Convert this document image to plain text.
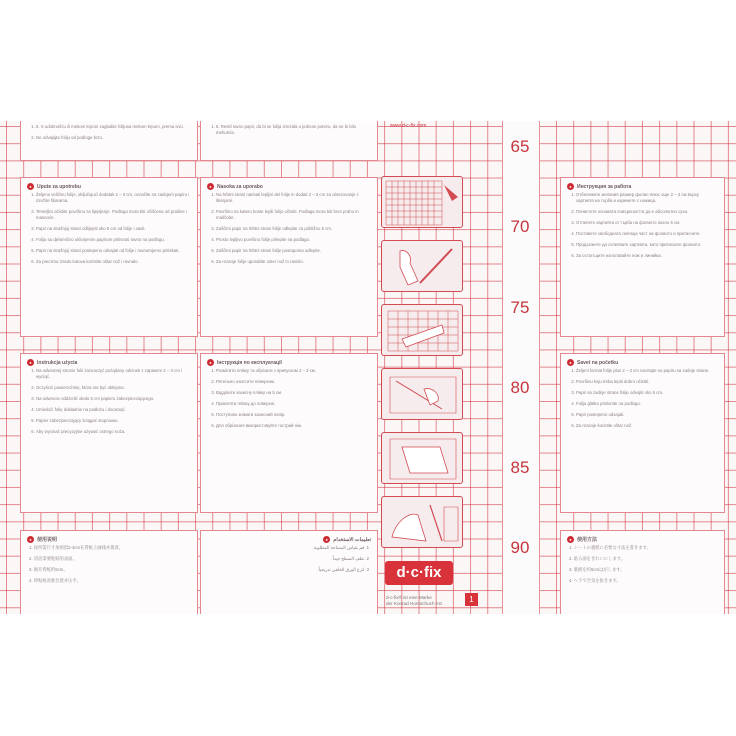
www.d-c-fix.com
1. 6. S udobnošću ili mekom krpom zagladite folijusa mekom krpom, prema ivici.
2. Ne odvajajte foliju od podloge brzo.
1. 6. Restil ravno papir, da bi se folija izrezala u jednom potezu, da ne bi bilo mehurića.
●	Upute za upotrebu
1. Željenu veličinu folije, uključujući dodatak 2 – 3 cm, označite na zadnjem papiru i izrežite škarama.
2. Temeljito očistite površinu za lijepljenje. Podloga mora biti očišćena od prašine i masnoće.
3. Papir na stražnjoj strani odlijepiti oko 5 cm od folije i savit.
4. Foliju sa djelomično uklonjenim papirom pritisnuti ravno na podlogu.
5. Papir na stražnjoj strani postepeno odvajati od folije i ravnomjerno pritiskati.
6. Za preciznu izradu kutova koristite oštar nož i ravnalo.
●	Nasoka za uporabo
1. Na hrbtni strani narisati lepljivi del folije in dodati 2 – 3 cm za obrezovanje z škarjami.
2. Površino na katero boste lepili folijo očistiti. Podlaga mora biti brez prahu in maščobe.
3. Zaščitni papir na hrbtni strani folije odlepite za približno 5 cm.
4. Prosto lepljivo površino folije prilepite na podlago.
5. Zaščitni papir na hrbtni strani folije postopoma odlepite.
6. Za rezanje folije uporabite oster nož in ravnilo.
●	Инструкция за работа
1. Отбележете желания размер фолио плюс още 2 – 3 см върху хартията на гърба и изрежете с ножица.
2. Почистете основата повърхността да е абсолютно суха.
3. Отлепете хартията от гърба на фолиото около 5 см.
4. Поставете свободната лепяща част на фолиото и притиснете.
5. Продължете да отлепвате хартията, като притискате фолиото.
6. За остатъците използвайте нож и линийка.
●	Instrukcja użycia
1. Na odwrotnej stronie folii zaznaczyć pożądany odcinek z zapasem 2 – 3 cm i wyciąć.
2. Oczyścić powierzchnię, która ma być oklejona.
3. Na odwrocie oddzielić około 5 cm papieru zabezpieczającego.
4. Umieścić folię dokładnie na podłożu i docisnąć.
5. Papier zabezpieczający ściągać stopniowo.
6. Aby wycinać precyzyjnie używać ostrego noża.
●	Інструкція по експлуатації
1. Розмітити плівку та обрізати з припуском 2 – 3 см.
2. Ретельно очистити поверхню.
3. Відділити захисну плівку на 5 см.
4. Приклеїти плівку до поверхні.
5. Поступово знімати захисний папір.
6. Для обрізання використовуйте гострий ніж.
●	Savet na početku
1. Željeni format folije plus 2 – 3 cm nacrtajte na papiru sa zadnje strane.
2. Površinu koju treba lepiti dobro očistiti.
3. Papir sa zadnje strane folije odvojiti oko 5 cm.
4. Foliju glatko prislonite na podlogu.
5. Papir postepeno odvajati.
6. Za rezanje koristite oštar nož.
●	使用说明
1. 按所需尺寸加预留2-3cm在背纸上画线并裁剪。
2. 清洁需要粘贴的表面。
3. 揭开背纸约5cm。
4. 将贴纸对准位置并压平。
تعليمات الاستخدام
●
1. قم بقياس المساحة المطلوبة.
2. نظف السطح جيداً.
3. انزع الورق الخلفي تدريجياً.
●	使用方法
1. シートの裏紙に必要な寸法を書きます。
2. 貼る面をきれいにします。
3. 裏紙を約5cmはがします。
4. ヘラで空気を抜きます。
d·c·fix
d-c-fix® ist eine Marke
der Konrad Hornschuch AG	1
65
70
75
80
85
90
